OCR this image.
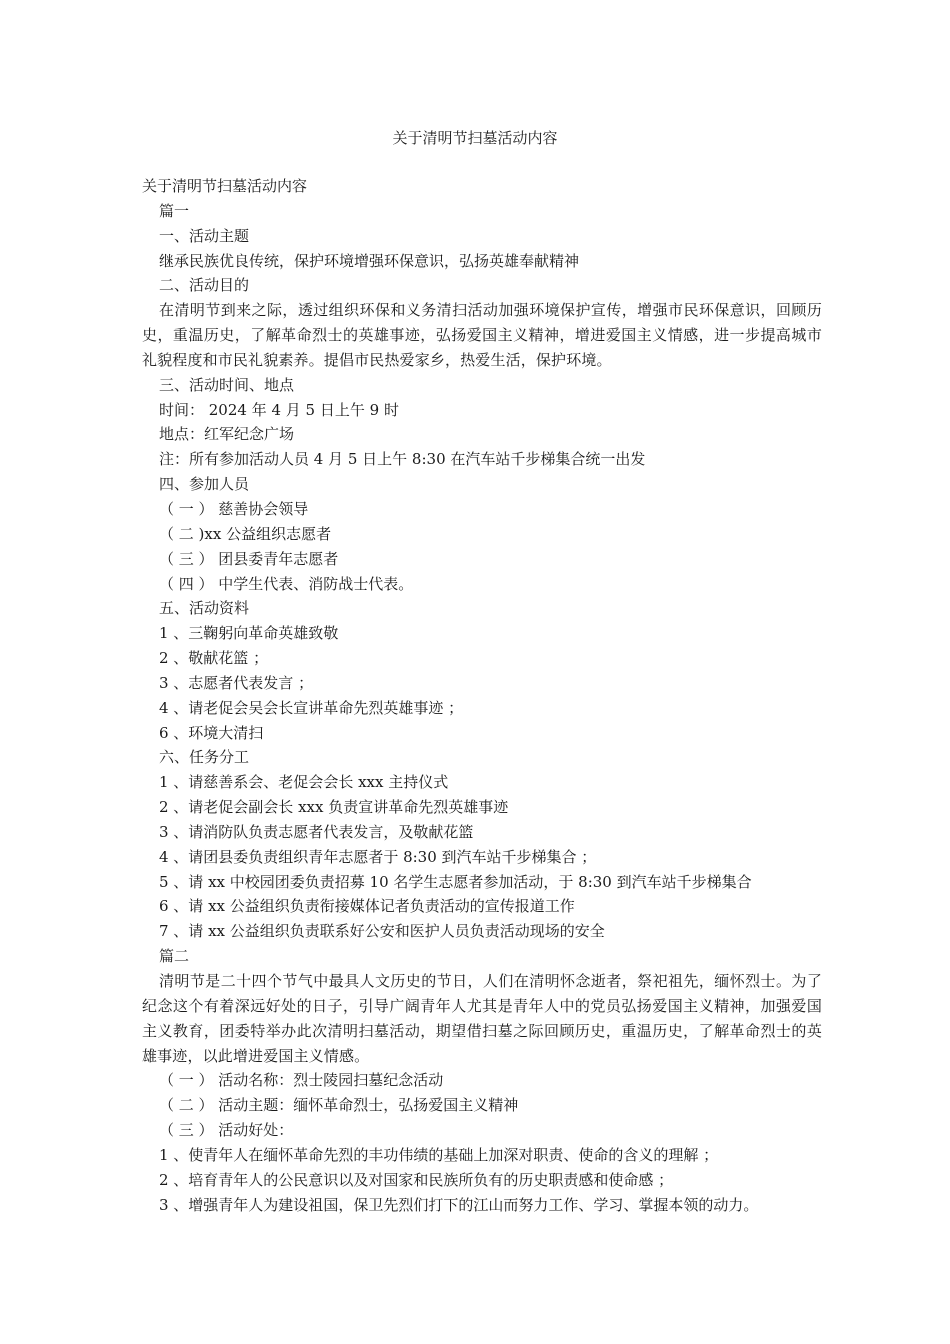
关于清明节扫墓活动内容
关于清明节扫墓活动内容
篇一
一、活动主题
继承民族优良传统，保护环境增强环保意识，弘扬英雄奉献精神
二、活动目的
在清明节到来之际，透过组织环保和义务清扫活动加强环境保护宣传，增强市民环保意识，回顾历史，重温历史，了解革命烈士的英雄事迹，弘扬爱国主义精神，增进爱国主义情感，进一步提高城市礼貌程度和市民礼貌素养。提倡市民热爱家乡，热爱生活，保护环境。
三、活动时间、地点
时间： 2024 年 4 月 5 日上午 9 时
地点：红军纪念广场
注：所有参加活动人员 4 月 5 日上午 8:30 在汽车站千步梯集合统一出发
四、参加人员
（ 一 ） 慈善协会领导
（ 二 )xx 公益组织志愿者
（ 三 ） 团县委青年志愿者
（ 四 ） 中学生代表、消防战士代表。
五、活动资料
1 、三鞠躬向革命英雄致敬
2 、敬献花篮 ；
3 、志愿者代表发言 ；
4 、请老促会吴会长宣讲革命先烈英雄事迹 ；
6 、环境大清扫
六、任务分工
1 、请慈善系会、老促会会长 xxx 主持仪式
2 、请老促会副会长 xxx 负责宣讲革命先烈英雄事迹
3 、请消防队负责志愿者代表发言，及敬献花篮
4 、请团县委负责组织青年志愿者于 8:30 到汽车站千步梯集合 ；
5 、请 xx 中校园团委负责招募 10 名学生志愿者参加活动，于 8:30 到汽车站千步梯集合
6 、请 xx 公益组织负责衔接媒体记者负责活动的宣传报道工作
7 、请 xx 公益组织负责联系好公安和医护人员负责活动现场的安全
篇二
清明节是二十四个节气中最具人文历史的节日，人们在清明怀念逝者，祭祀祖先，缅怀烈士。为了纪念这个有着深远好处的日子，引导广阔青年人尤其是青年人中的党员弘扬爱国主义精神，加强爱国主义教育，团委特举办此次清明扫墓活动，期望借扫墓之际回顾历史，重温历史，了解革命烈士的英雄事迹，以此增进爱国主义情感。
（ 一 ） 活动名称：烈士陵园扫墓纪念活动
（ 二 ） 活动主题：缅怀革命烈士，弘扬爱国主义精神
（ 三 ） 活动好处：
1 、使青年人在缅怀革命先烈的丰功伟绩的基础上加深对职责、使命的含义的理解 ；
2 、培育青年人的公民意识以及对国家和民族所负有的历史职责感和使命感 ；
3 、增强青年人为建设祖国，保卫先烈们打下的江山而努力工作、学习、掌握本领的动力。
